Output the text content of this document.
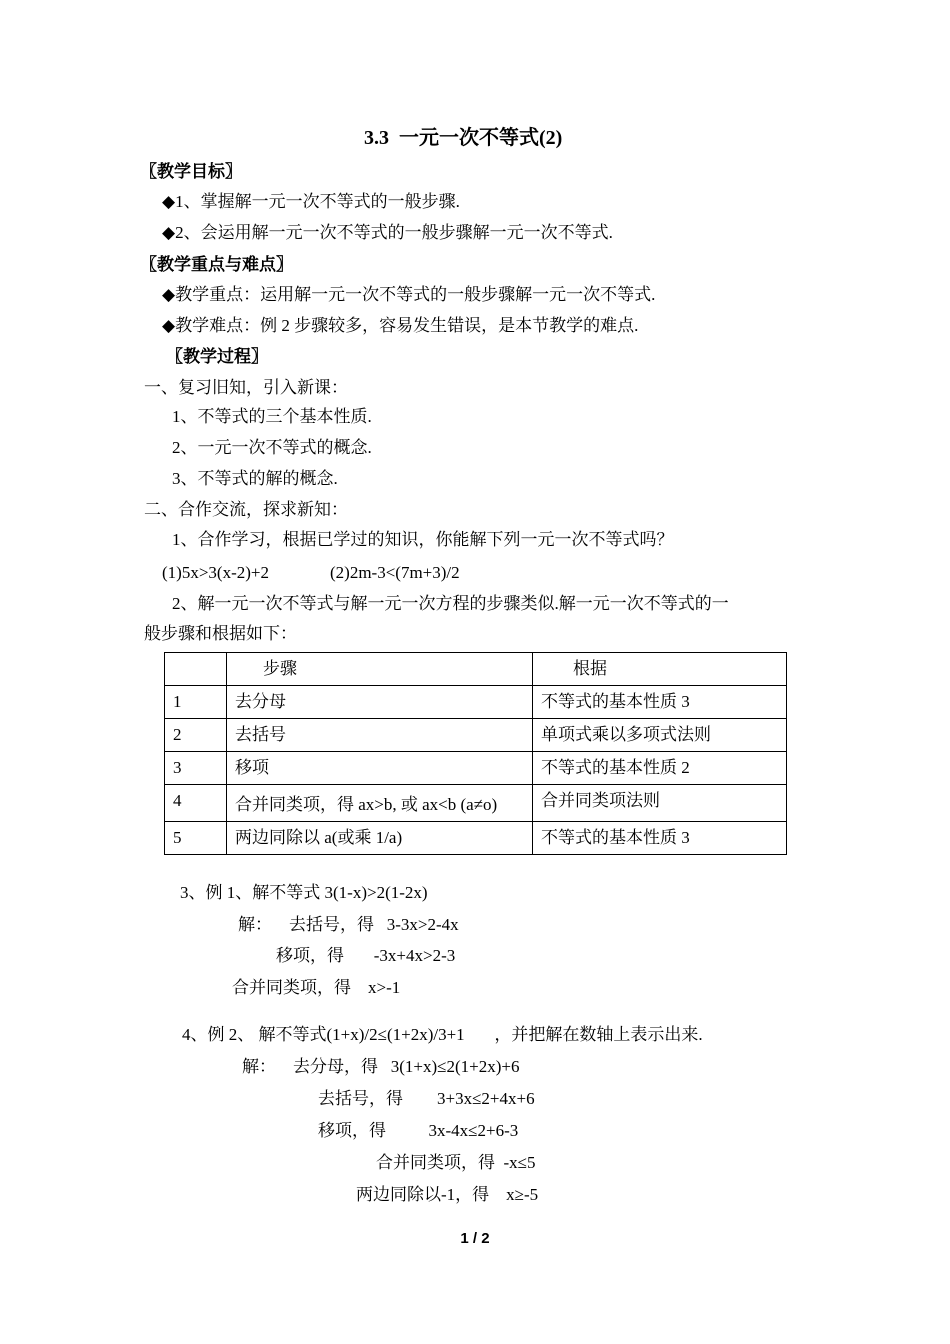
3.3  一元一次不等式(2)
〖教学目标〗
◆1、掌握解一元一次不等式的一般步骤.
◆2、会运用解一元一次不等式的一般步骤解一元一次不等式.
〖教学重点与难点〗
◆教学重点：运用解一元一次不等式的一般步骤解一元一次不等式.
◆教学难点：例 2 步骤较多，容易发生错误，是本节教学的难点.
〖教学过程〗
一、复习旧知，引入新课：
1、不等式的三个基本性质.
2、一元一次不等式的概念.
3、不等式的解的概念.
二、合作交流，探求新知：
1、合作学习，根据已学过的知识，你能解下列一元一次不等式吗？
(1)5x>3(x-2)+2	(2)2m-3<(7m+3)/2
2、解一元一次不等式与解一元一次方程的步骤类似.解一元一次不等式的一
般步骤和根据如下：
	步骤	根据
1	去分母	不等式的基本性质 3
2	去括号	单项式乘以多项式法则
3	移项	不等式的基本性质 2
4	合并同类项，得 ax>b, 或 ax<b (a≠o)	合并同类项法则
5	两边同除以 a(或乘 1/a)	不等式的基本性质 3
3、例 1、解不等式 3(1-x)>2(1-2x)
解：    去括号，得   3-3x>2-4x
移项，得       -3x+4x>2-3
合并同类项，得    x>-1
4、例 2、 解不等式(1+x)/2≤(1+2x)/3+1       ，并把解在数轴上表示出来.
解：    去分母，得   3(1+x)≤2(1+2x)+6
去括号，得        3+3x≤2+4x+6
移项，得          3x-4x≤2+6-3
合并同类项，得  -x≤5
两边同除以-1，得    x≥-5
1 / 2
